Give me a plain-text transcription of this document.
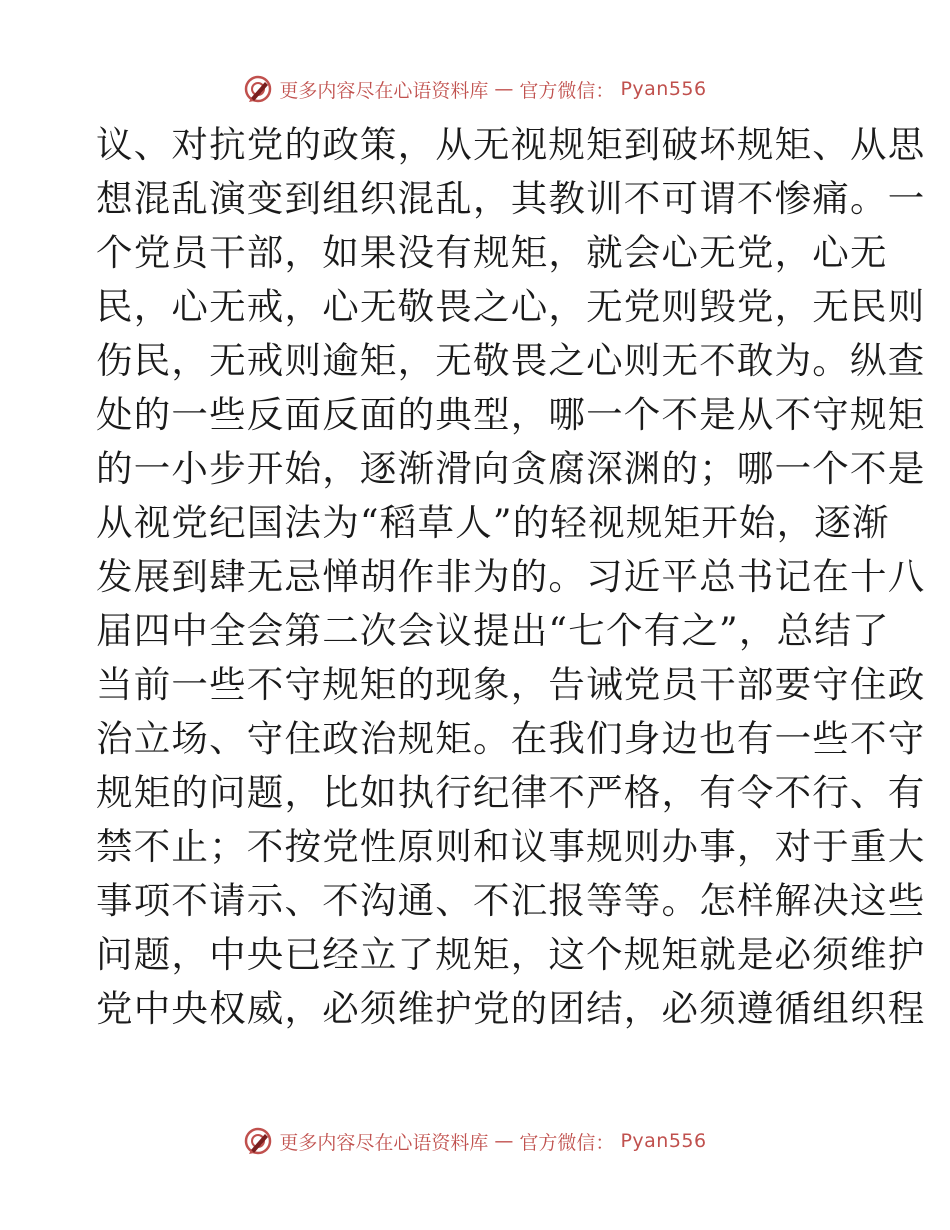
更多内容尽在心语资料库 — 官方微信： Pyan556
议、对抗党的政策，从无视规矩到破坏规矩、从思
想混乱演变到组织混乱，其教训不可谓不惨痛。一
个党员干部，如果没有规矩，就会心无党，心无
民，心无戒，心无敬畏之心，无党则毁党，无民则
伤民，无戒则逾矩，无敬畏之心则无不敢为。纵查
处的一些反面反面的典型，哪一个不是从不守规矩
的一小步开始，逐渐滑向贪腐深渊的；哪一个不是
从视党纪国法为“稻草人”的轻视规矩开始，逐渐
发展到肆无忌惮胡作非为的。习近平总书记在十八
届四中全会第二次会议提出“七个有之”，总结了
当前一些不守规矩的现象，告诫党员干部要守住政
治立场、守住政治规矩。在我们身边也有一些不守
规矩的问题，比如执行纪律不严格，有令不行、有
禁不止；不按党性原则和议事规则办事，对于重大
事项不请示、不沟通、不汇报等等。怎样解决这些
问题，中央已经立了规矩，这个规矩就是必须维护
党中央权威，必须维护党的团结，必须遵循组织程
更多内容尽在心语资料库 — 官方微信： Pyan556
